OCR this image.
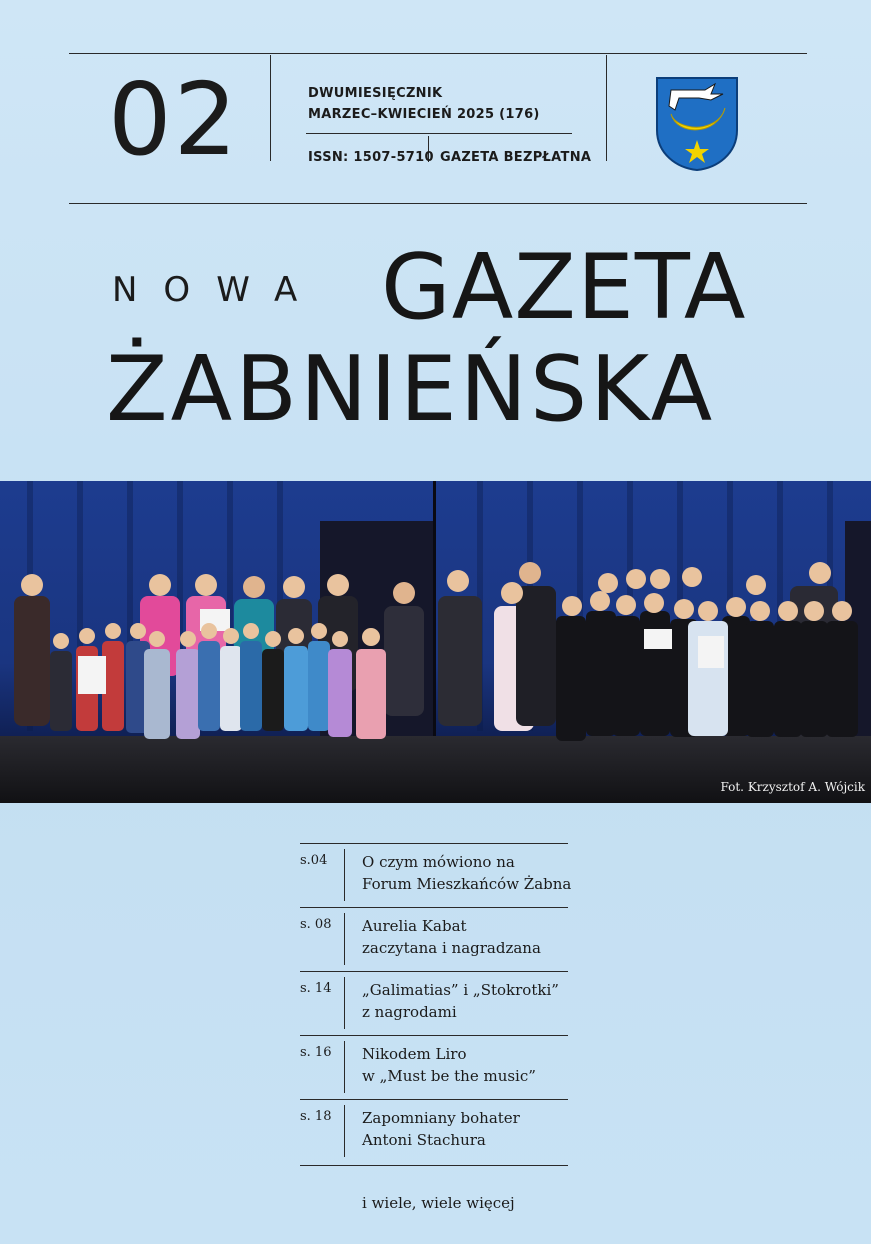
02	DWUMIESIĘCZNIK
MARZEC–KWIECIEŃ 2025 (176)
ISSN: 1507-5710 GAZETA BEZPŁATNA
NOWA GAZETA
ŻABNIEŃSKA
Fot. Krzysztof A. Wójcik
s.04 O czym mówiono na
Forum Mieszkańców Żabna
s. 08 Aurelia Kabat
zaczytana i nagradzana
s. 14 „Galimatias” i „Stokrotki”
z nagrodami
s. 16 Nikodem Liro
w „Must be the music”
s. 18 Zapomniany bohater
Antoni Stachura
i wiele, wiele więcej
